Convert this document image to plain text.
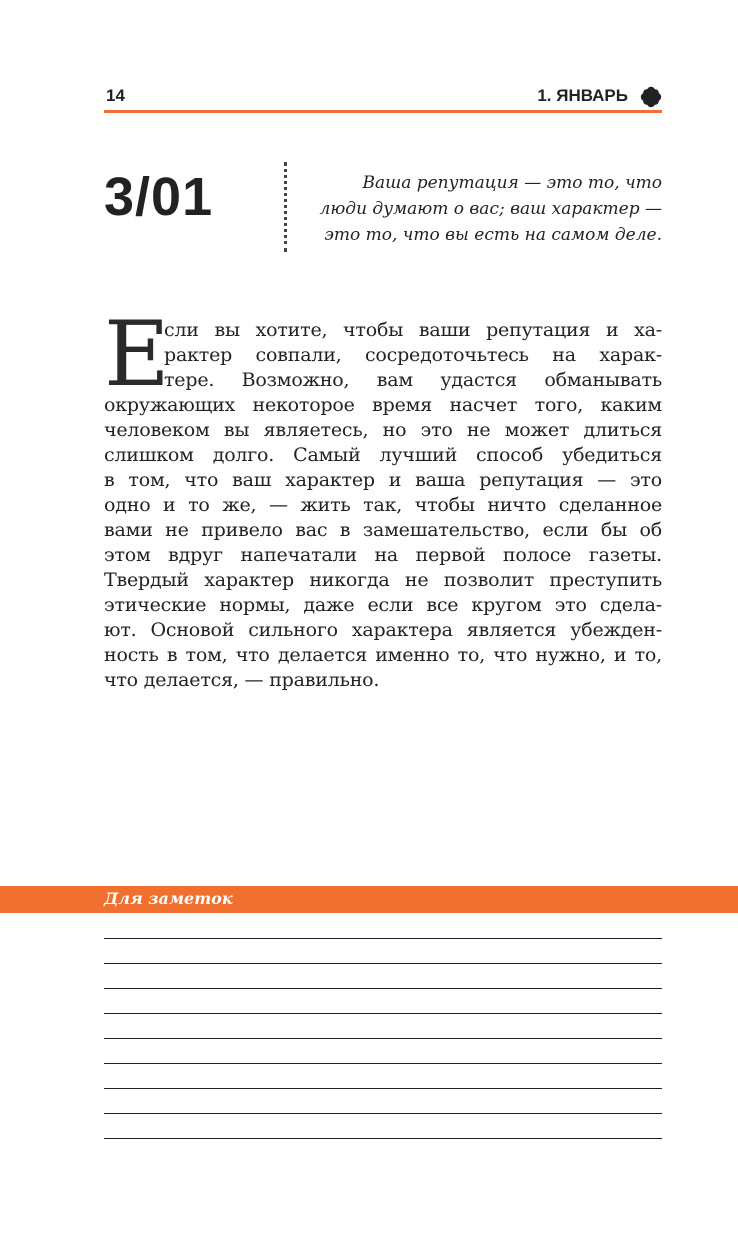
14	1. ЯНВАРЬ
3/01	Ваша репутация — это то, что
люди думают о вас; ваш характер —
это то, что вы есть на самом деле.
Е
сли вы хотите, чтобы ваши репутация и ха-
рактер совпали, сосредоточьтесь на харак-
тере. Возможно, вам удастся обманывать
окружающих некоторое время насчет того, каким
человеком вы являетесь, но это не может длиться
слишком долго. Самый лучший способ убедиться
в том, что ваш характер и ваша репутация — это
одно и то же, — жить так, чтобы ничто сделанное
вами не привело вас в замешательство, если бы об
этом вдруг напечатали на первой полосе газеты.
Твердый характер никогда не позволит преступить
этические нормы, даже если все кругом это сдела-
ют. Основой сильного характера является убежден-
ность в том, что делается именно то, что нужно, и то,
что делается, — правильно.
Для заметок
